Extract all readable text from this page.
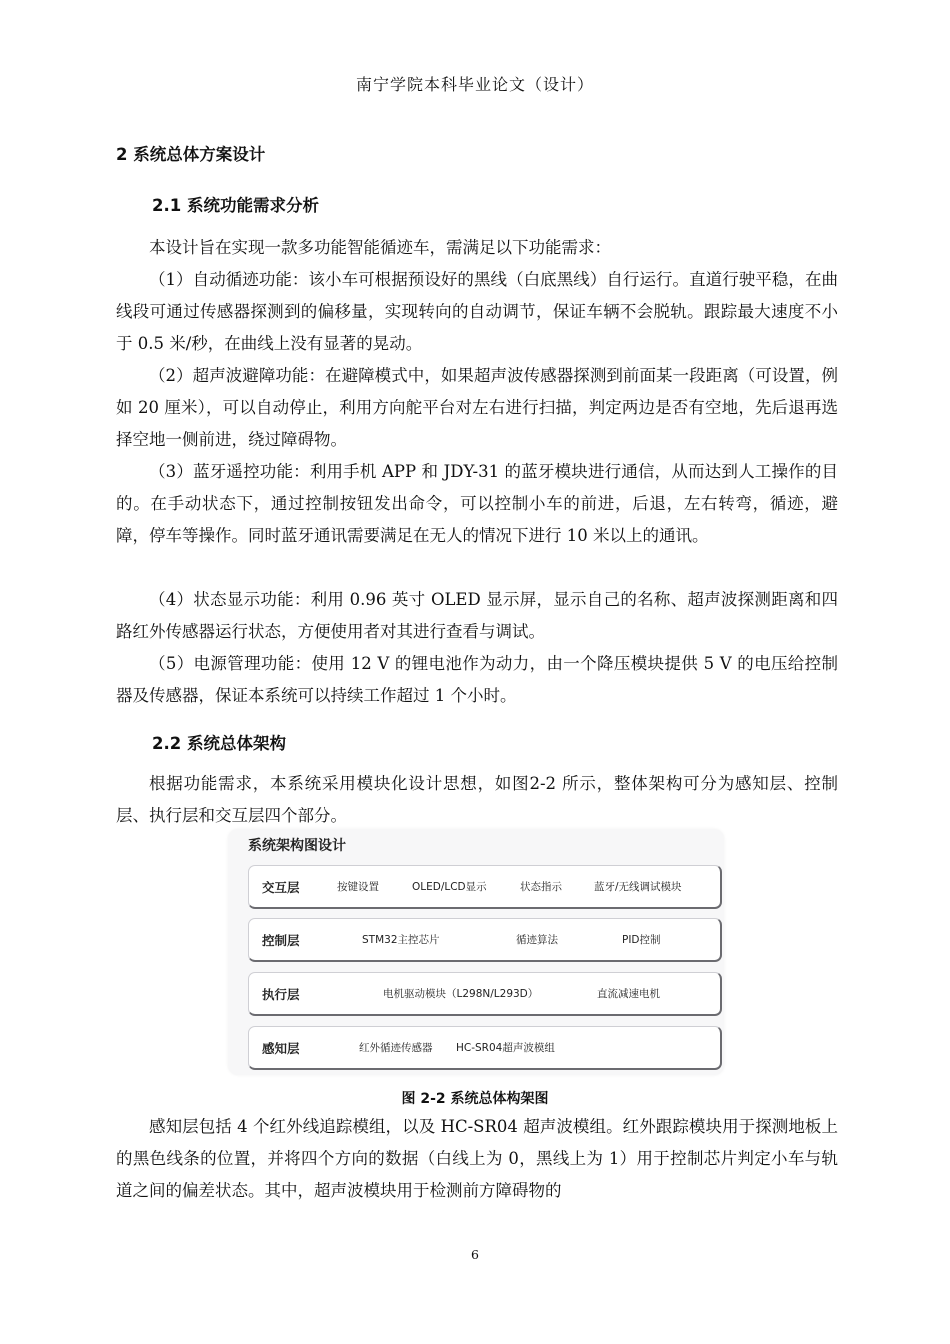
南宁学院本科毕业论文（设计）
2 系统总体方案设计
2.1 系统功能需求分析

本设计旨在实现一款多功能智能循迹车，需满足以下功能需求：

（1）自动循迹功能：该小车可根据预设好的黑线（白底黑线）自行运行。直道行驶平稳，在曲线段可通过传感器探测到的偏移量，实现转向的自动调节，保证车辆不会脱轨。跟踪最大速度不小于 0.5 米/秒，在曲线上没有显著的晃动。

（2）超声波避障功能：在避障模式中，如果超声波传感器探测到前面某一段距离（可设置，例如 20 厘米），可以自动停止，利用方向舵平台对左右进行扫描，判定两边是否有空地，先后退再选择空地一侧前进，绕过障碍物。

（3）蓝牙遥控功能：利用手机 APP 和 JDY-31 的蓝牙模块进行通信，从而达到人工操作的目的。在手动状态下，通过控制按钮发出命令，可以控制小车的前进，后退，左右转弯，循迹，避障，停车等操作。同时蓝牙通讯需要满足在无人的情况下进行 10 米以上的通讯。

（4）状态显示功能：利用 0.96 英寸 OLED 显示屏，显示自己的名称、超声波探测距离和四路红外传感器运行状态，方便使用者对其进行查看与调试。

（5）电源管理功能：使用 12 V 的锂电池作为动力，由一个降压模块提供 5 V 的电压给控制器及传感器，保证本系统可以持续工作超过 1 个小时。

2.2 系统总体架构

根据功能需求，本系统采用模块化设计思想，如图2-2 所示，整体架构可分为感知层、控制层、执行层和交互层四个部分。

系统架构图设计
交互层	按键设置	OLED/LCD显示	状态指示	蓝牙/无线调试模块
控制层	STM32主控芯片	循迹算法	PID控制
执行层	电机驱动模块（L298N/L293D）	直流减速电机
感知层	红外循迹传感器 HC-SR04超声波模组
图 2-2 系统总体构架图

感知层包括 4 个红外线追踪模组，以及 HC-SR04 超声波模组。红外跟踪模块用于探测地板上的黑色线条的位置，并将四个方向的数据（白线上为 0，黑线上为 1）用于控制芯片判定小车与轨道之间的偏差状态。其中，超声波模块用于检测前方障碍物的

6
